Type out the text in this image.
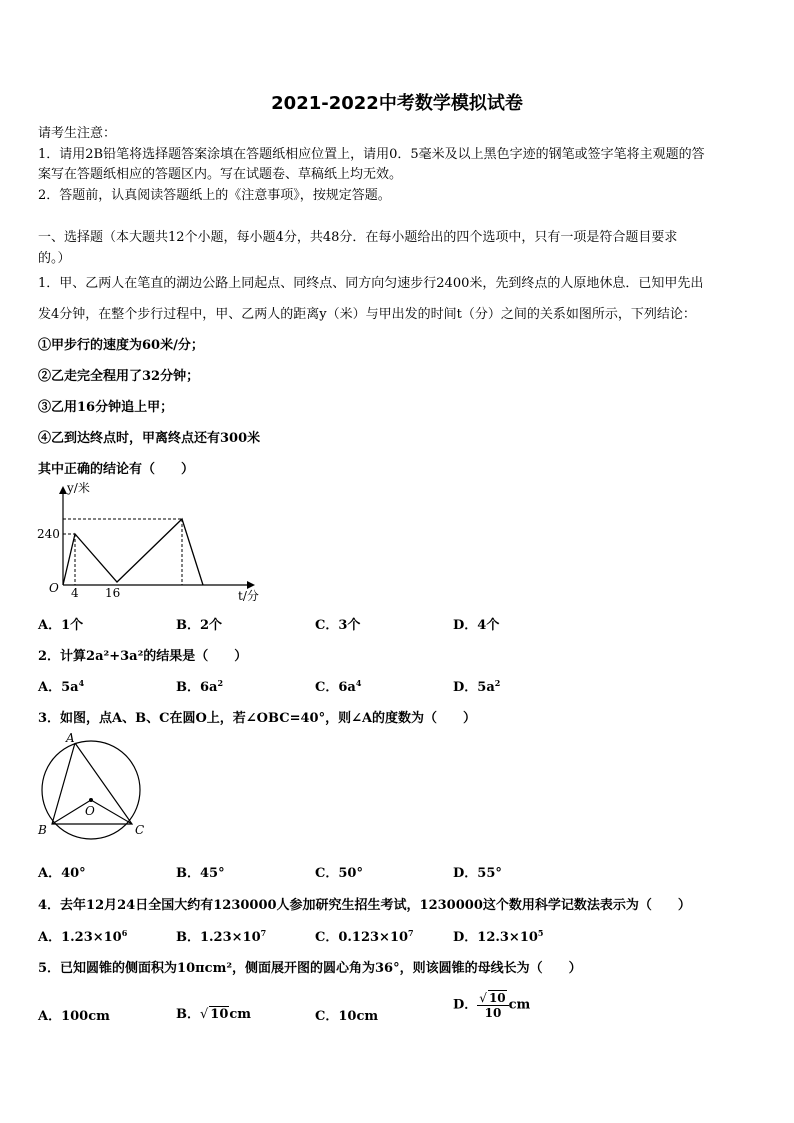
2021-2022中考数学模拟试卷
请考生注意：
1．请用2B铅笔将选择题答案涂填在答题纸相应位置上，请用0．5毫米及以上黑色字迹的钢笔或签字笔将主观题的答
案写在答题纸相应的答题区内。写在试题卷、草稿纸上均无效。
2．答题前，认真阅读答题纸上的《注意事项》，按规定答题。
一、选择题（本大题共12个小题，每小题4分，共48分．在每小题给出的四个选项中，只有一项是符合题目要求
的。）
1．甲、乙两人在笔直的湖边公路上同起点、同终点、同方向匀速步行2400米，先到终点的人原地休息．已知甲先出
发4分钟，在整个步行过程中，甲、乙两人的距离y（米）与甲出发的时间t（分）之间的关系如图所示，下列结论：
①甲步行的速度为60米/分；
②乙走完全程用了32分钟；
③乙用16分钟追上甲；
④乙到达终点时，甲离终点还有300米
其中正确的结论有（　　）
y/米
t/分
O
240
4 16
A．1个	B．2个	C．3个	D．4个
2．计算2a²+3a²的结果是（　　）
A．$5a^4$	B．$6a^2$	C．$6a^4$	D．$5a^2$
3．如图，点A、B、C在圆O上，若∠OBC=40°，则∠A的度数为（　　）
A
B	C
O
A．40°	B．45°	C．50°	D．55°
4．去年12月24日全国大约有1230000人参加研究生招生考试，1230000这个数用科学记数法表示为（　　）
A．$1.23\times 10^6$	B．$1.23\times 10^7$	C．$0.123\times 10^7$	D．$12.3\times 10^5$
5．已知圆锥的侧面积为10πcm²，侧面展开图的圆心角为36°，则该圆锥的母线长为（　　）
A．100cm	B．√ 10cm	C．10cm
D． $\frac{√ 10}{10}$ cm
